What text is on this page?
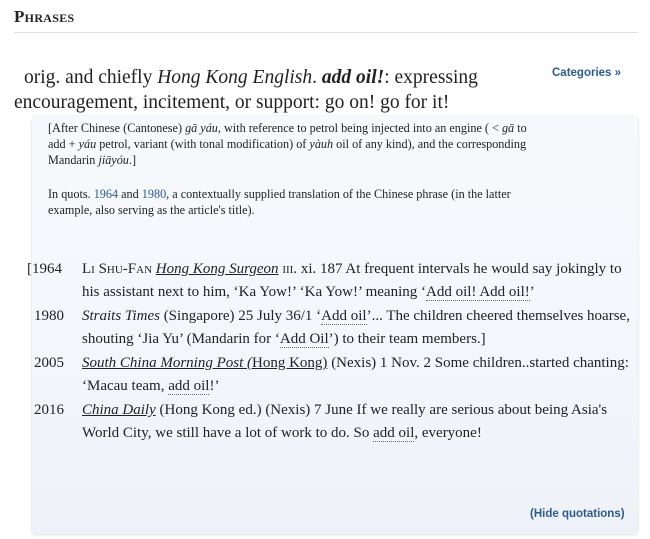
Phrases
orig. and chiefly Hong Kong English. add oil!: expressing
encouragement, incitement, or support: go on! go for it!
Categories »

[After Chinese (Cantonese) gā yáu, with reference to petrol being injected into an engine ( < gā to add + yáu petrol, variant (with tonal modification) of yàuh oil of any kind), and the corresponding Mandarin jiāyóu.]

In quots. 1964 and 1980, a contextually supplied translation of the Chinese phrase (in the latter example, also serving as the article's title).

[1964 Li Shu-Fan Hong Kong Surgeon iii. xi. 187 At frequent intervals he would say jokingly to his assistant next to him, ‘Ka Yow!’ ‘Ka Yow!’ meaning ‘Add oil! Add oil!’
1980 Straits Times (Singapore) 25 July 36/1 ‘Add oil’... The children cheered themselves hoarse, shouting ‘Jia Yu’ (Mandarin for ‘Add Oil’) to their team members.]
2005 South China Morning Post (Hong Kong) (Nexis) 1 Nov. 2 Some children..started chanting: ‘Macau team, add oil!’
2016 China Daily (Hong Kong ed.) (Nexis) 7 June If we really are serious about being Asia's World City, we still have a lot of work to do. So add oil, everyone!
(Hide quotations)
